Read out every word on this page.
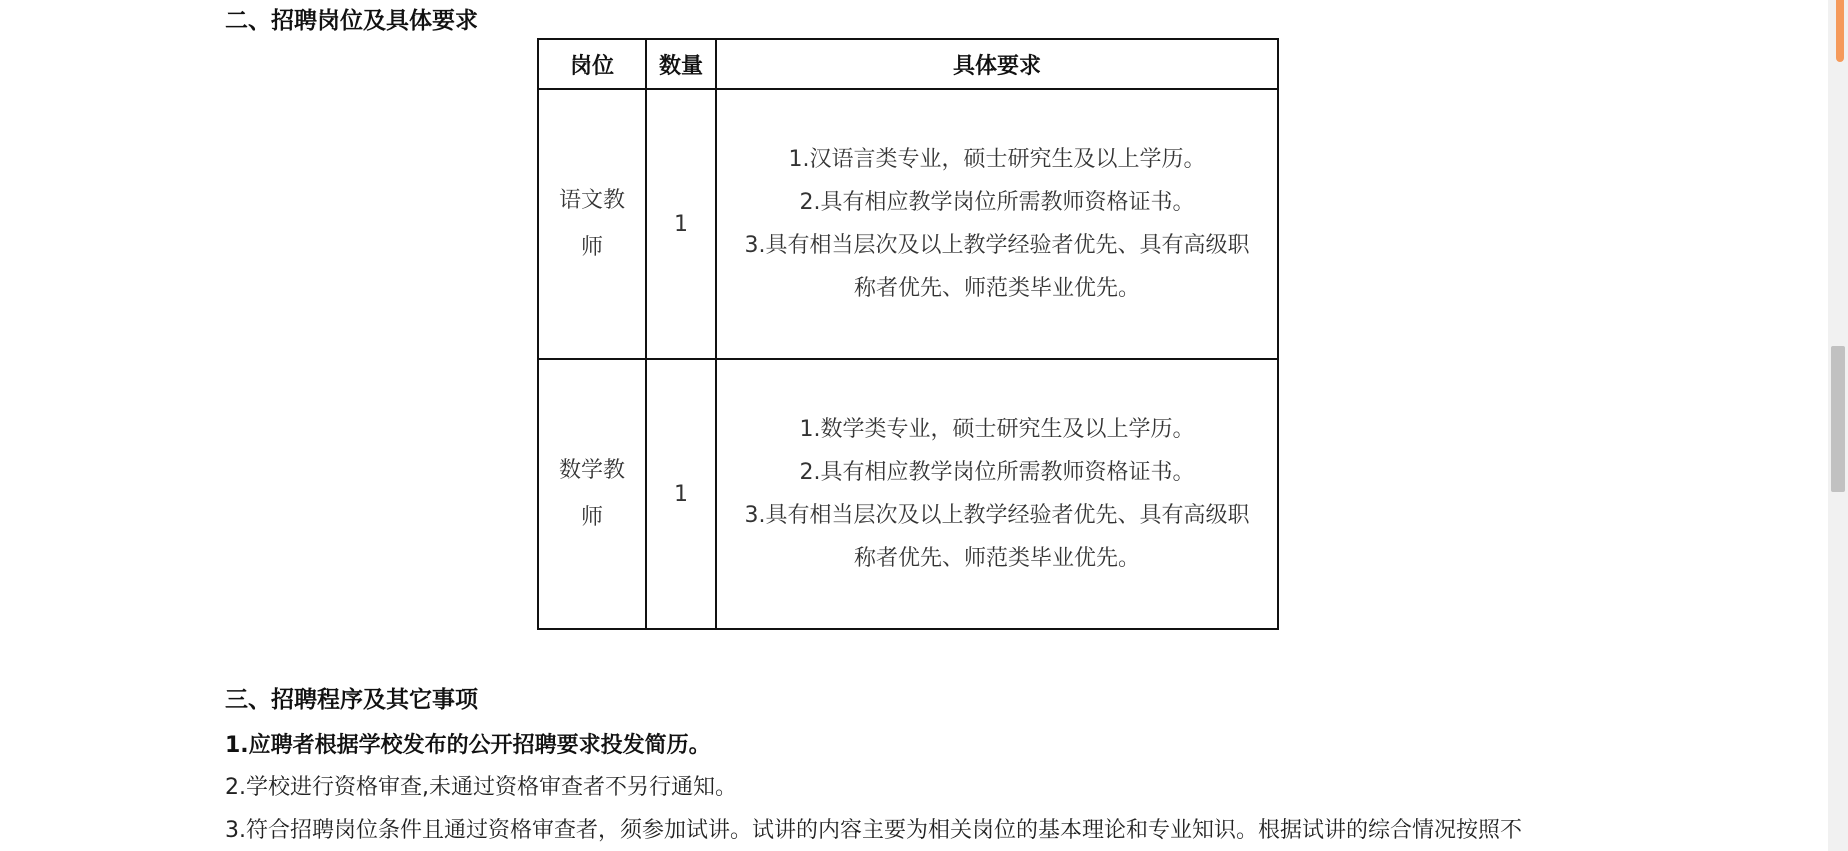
二、招聘岗位及具体要求
岗位	数量	具体要求

语文教师	1	1.汉语言类专业，硕士研究生及以上学历。
2.具有相应教学岗位所需教师资格证书。
3.具有相当层次及以上教学经验者优先、具有高级职称者优先、师范类毕业优先。

数学教师	1	1.数学类专业，硕士研究生及以上学历。
2.具有相应教学岗位所需教师资格证书。
3.具有相当层次及以上教学经验者优先、具有高级职称者优先、师范类毕业优先。
三、招聘程序及其它事项
1.应聘者根据学校发布的公开招聘要求投发简历。
2.学校进行资格审查,未通过资格审查者不另行通知。
3.符合招聘岗位条件且通过资格审查者，须参加试讲。试讲的内容主要为相关岗位的基本理论和专业知识。根据试讲的综合情况按照不
